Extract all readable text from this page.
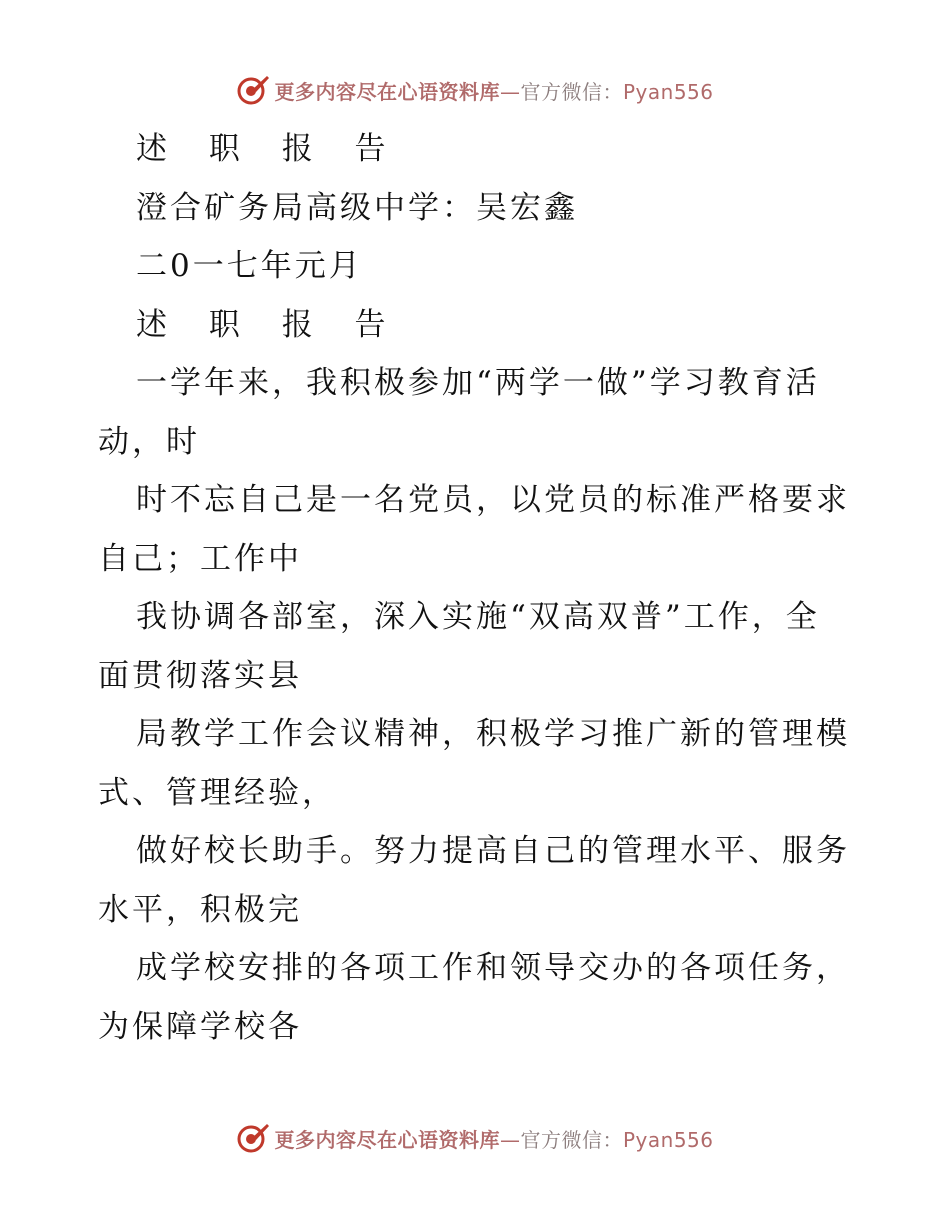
更多内容尽在心语资料库—官方微信：Pyan556
述 职 报 告
澄合矿务局高级中学：吴宏鑫
二0一七年元月
述 职 报 告
一学年来，我积极参加“两学一做”学习教育活
动，时
时不忘自己是一名党员，以党员的标准严格要求
自己；工作中
我协调各部室，深入实施“双高双普”工作，全
面贯彻落实县
局教学工作会议精神，积极学习推广新的管理模
式、管理经验，
做好校长助手。努力提高自己的管理水平、服务
水平，积极完
成学校安排的各项工作和领导交办的各项任务，
为保障学校各
更多内容尽在心语资料库—官方微信：Pyan556
